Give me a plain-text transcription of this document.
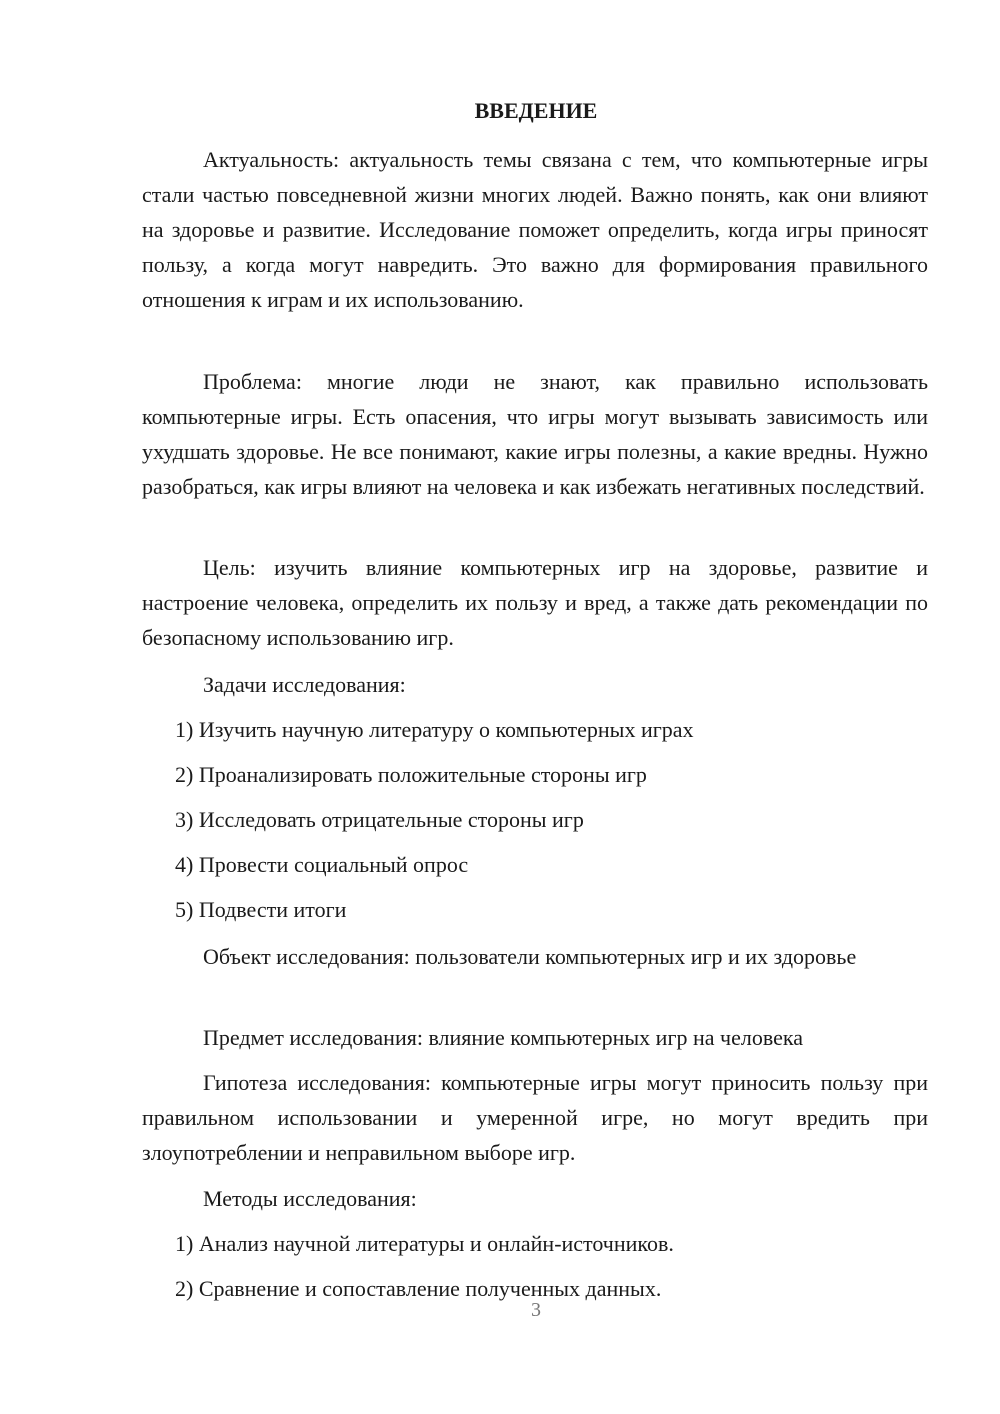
ВВЕДЕНИЕ

Актуальность: актуальность темы связана с тем, что компьютерные игры стали частью повседневной жизни многих людей. Важно понять, как они влияют на здоровье и развитие. Исследование поможет определить, когда игры приносят пользу, а когда могут навредить. Это важно для формирования правильного отношения к играм и их использованию.

Проблема: многие люди не знают, как правильно использовать компьютерные игры. Есть опасения, что игры могут вызывать зависимость или ухудшать здоровье. Не все понимают, какие игры полезны, а какие вредны. Нужно разобраться, как игры влияют на человека и как избежать негативных последствий.

Цель: изучить влияние компьютерных игр на здоровье, развитие и настроение человека, определить их пользу и вред, а также дать рекомендации по безопасному использованию игр.

Задачи исследования:

1) Изучить научную литературу о компьютерных играх

2) Проанализировать положительные стороны игр

3) Исследовать отрицательные стороны игр

4) Провести социальный опрос

5) Подвести итоги

Объект исследования: пользователи компьютерных игр и их здоровье

Предмет исследования: влияние компьютерных игр на человека

Гипотеза исследования: компьютерные игры могут приносить пользу при правильном использовании и умеренной игре, но могут вредить при злоупотреблении и неправильном выборе игр.

Методы исследования:

1) Анализ научной литературы и онлайн-источников.

2) Сравнение и сопоставление полученных данных.

3
